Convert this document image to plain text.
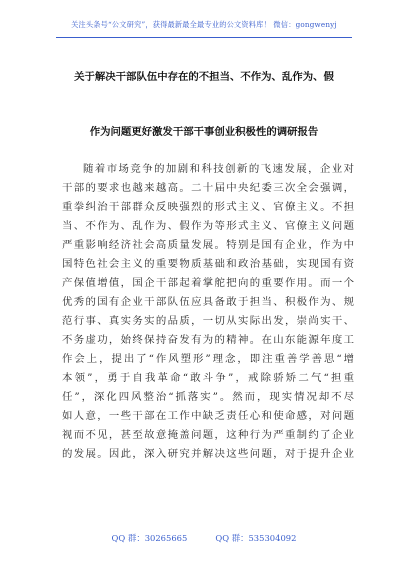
关注头条号“公文研究”，获得最新最全最专业的公文资料库！ 微信：gongwenyj
关于解决干部队伍中存在的不担当、不作为、乱作为、假
作为问题更好激发干部干事创业积极性的调研报告
随着市场竞争的加剧和科技创新的飞速发展，企业对
干部的要求也越来越高。二十届中央纪委三次全会强调，
重拳纠治干部群众反映强烈的形式主义、官僚主义。不担
当、不作为、乱作为、假作为等形式主义、官僚主义问题
严重影响经济社会高质量发展。特别是国有企业，作为中
国特色社会主义的重要物质基础和政治基础，实现国有资
产保值增值，国企干部起着掌舵把向的重要作用。而一个
优秀的国有企业干部队伍应具备敢于担当、积极作为、规
范行事、真实务实的品质，一切从实际出发，崇尚实干、
不务虚功，始终保持奋发有为的精神。在山东能源年度工
作会上，提出了“作风塑形”理念，即注重善学善思“增
本领”，勇于自我革命“敢斗争”，戒除骄矫二气“担重
任”，深化四风整治“抓落实”。然而，现实情况却不尽
如人意，一些干部在工作中缺乏责任心和使命感，对问题
视而不见，甚至故意掩盖问题，这种行为严重制约了企业
的发展。因此，深入研究并解决这些问题，对于提升企业
QQ 群：30265665	QQ 群：535304092
